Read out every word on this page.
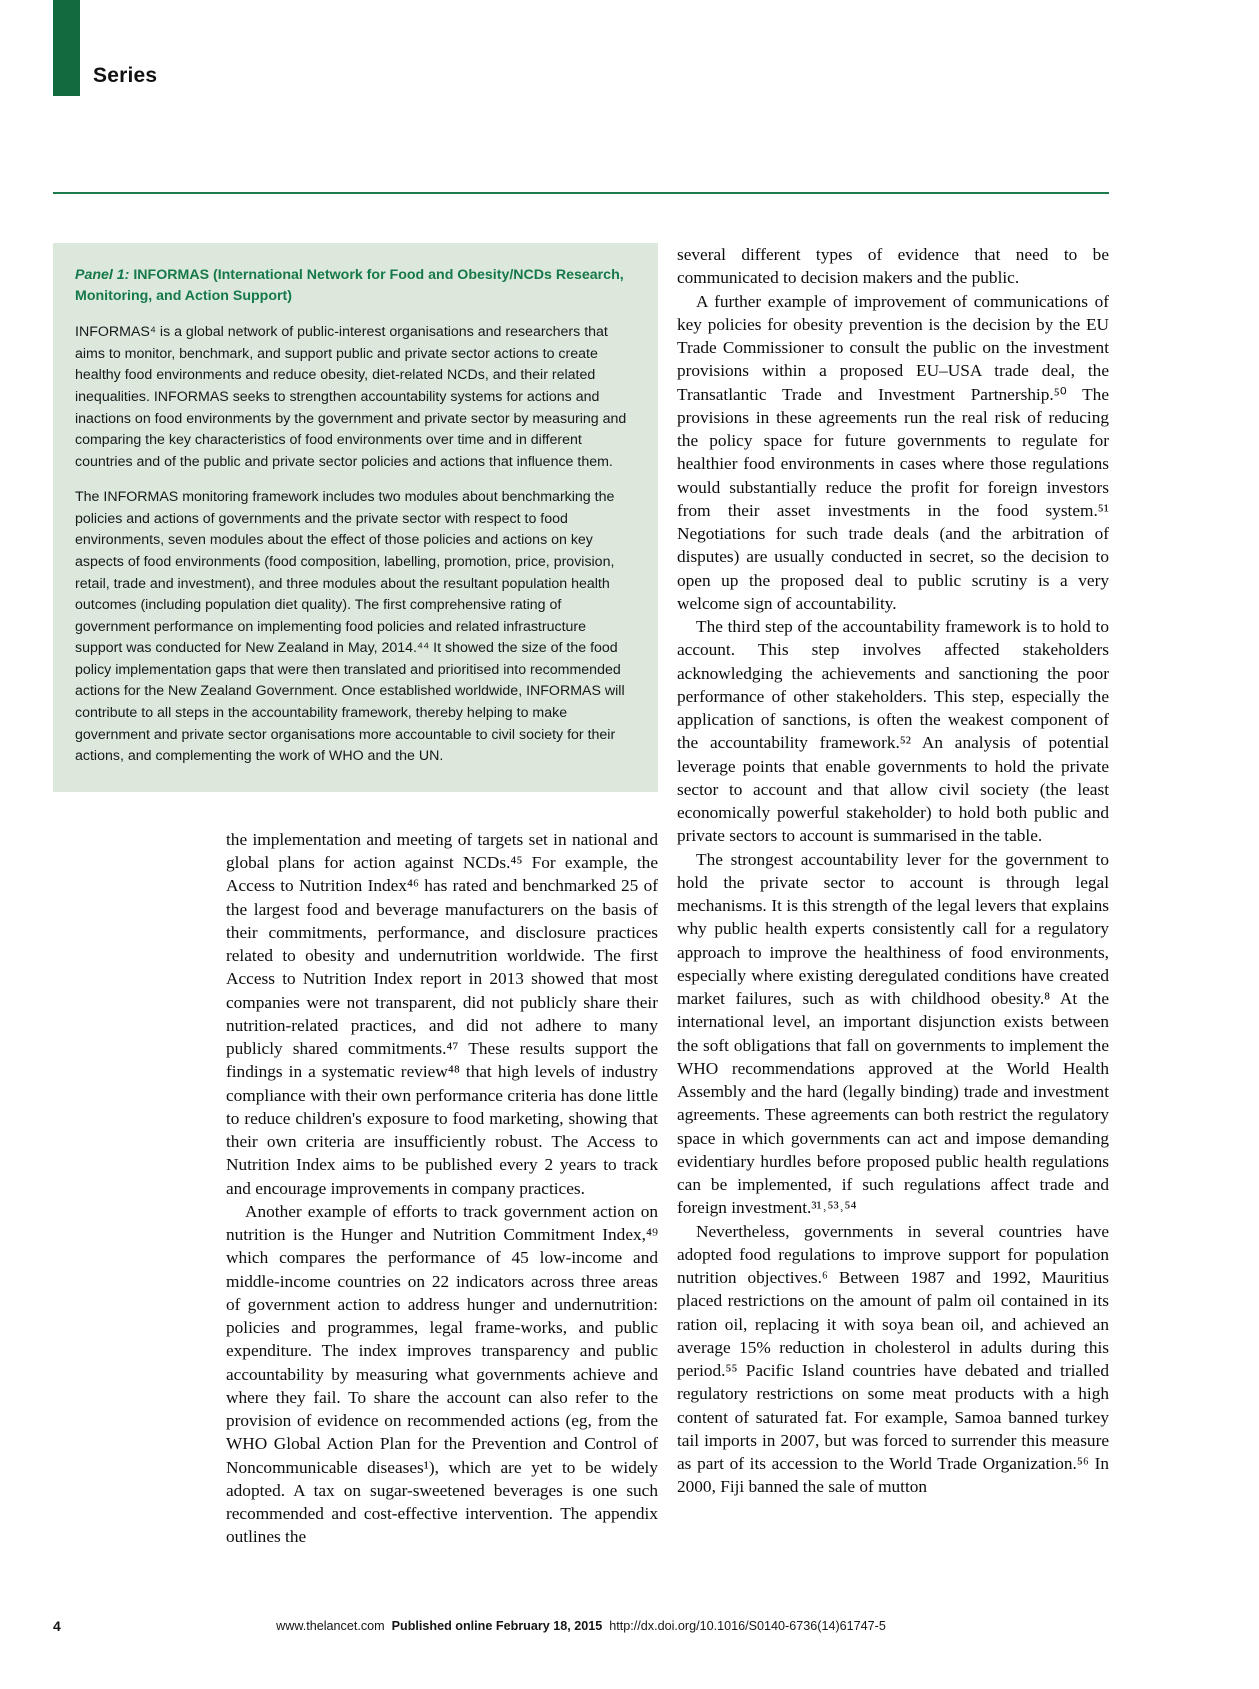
Series
Panel 1: INFORMAS (International Network for Food and Obesity/NCDs Research, Monitoring, and Action Support)

INFORMAS⁴ is a global network of public-interest organisations and researchers that aims to monitor, benchmark, and support public and private sector actions to create healthy food environments and reduce obesity, diet-related NCDs, and their related inequalities. INFORMAS seeks to strengthen accountability systems for actions and inactions on food environments by the government and private sector by measuring and comparing the key characteristics of food environments over time and in different countries and of the public and private sector policies and actions that influence them.

The INFORMAS monitoring framework includes two modules about benchmarking the policies and actions of governments and the private sector with respect to food environments, seven modules about the effect of those policies and actions on key aspects of food environments (food composition, labelling, promotion, price, provision, retail, trade and investment), and three modules about the resultant population health outcomes (including population diet quality). The first comprehensive rating of government performance on implementing food policies and related infrastructure support was conducted for New Zealand in May, 2014.⁴⁴ It showed the size of the food policy implementation gaps that were then translated and prioritised into recommended actions for the New Zealand Government. Once established worldwide, INFORMAS will contribute to all steps in the accountability framework, thereby helping to make government and private sector organisations more accountable to civil society for their actions, and complementing the work of WHO and the UN.

the implementation and meeting of targets set in national and global plans for action against NCDs.⁴⁵ For example, the Access to Nutrition Index⁴⁶ has rated and benchmarked 25 of the largest food and beverage manufacturers on the basis of their commitments, performance, and disclosure practices related to obesity and undernutrition worldwide. The first Access to Nutrition Index report in 2013 showed that most companies were not transparent, did not publicly share their nutrition-related practices, and did not adhere to many publicly shared commitments.⁴⁷ These results support the findings in a systematic review⁴⁸ that high levels of industry compliance with their own performance criteria has done little to reduce children's exposure to food marketing, showing that their own criteria are insufficiently robust. The Access to Nutrition Index aims to be published every 2 years to track and encourage improvements in company practices.

Another example of efforts to track government action on nutrition is the Hunger and Nutrition Commitment Index,⁴⁹ which compares the performance of 45 low-income and middle-income countries on 22 indicators across three areas of government action to address hunger and undernutrition: policies and programmes, legal frame-works, and public expenditure. The index improves transparency and public accountability by measuring what governments achieve and where they fail. To share the account can also refer to the provision of evidence on recommended actions (eg, from the WHO Global Action Plan for the Prevention and Control of Noncommunicable diseases¹), which are yet to be widely adopted. A tax on sugar-sweetened beverages is one such recommended and cost-effective intervention. The appendix outlines the

several different types of evidence that need to be communicated to decision makers and the public.

A further example of improvement of communications of key policies for obesity prevention is the decision by the EU Trade Commissioner to consult the public on the investment provisions within a proposed EU–USA trade deal, the Transatlantic Trade and Investment Partnership.⁵⁰ The provisions in these agreements run the real risk of reducing the policy space for future governments to regulate for healthier food environments in cases where those regulations would substantially reduce the profit for foreign investors from their asset investments in the food system.⁵¹ Negotiations for such trade deals (and the arbitration of disputes) are usually conducted in secret, so the decision to open up the proposed deal to public scrutiny is a very welcome sign of accountability.

The third step of the accountability framework is to hold to account. This step involves affected stakeholders acknowledging the achievements and sanctioning the poor performance of other stakeholders. This step, especially the application of sanctions, is often the weakest component of the accountability framework.⁵² An analysis of potential leverage points that enable governments to hold the private sector to account and that allow civil society (the least economically powerful stakeholder) to hold both public and private sectors to account is summarised in the table.

The strongest accountability lever for the government to hold the private sector to account is through legal mechanisms. It is this strength of the legal levers that explains why public health experts consistently call for a regulatory approach to improve the healthiness of food environments, especially where existing deregulated conditions have created market failures, such as with childhood obesity.⁸ At the international level, an important disjunction exists between the soft obligations that fall on governments to implement the WHO recommendations approved at the World Health Assembly and the hard (legally binding) trade and investment agreements. These agreements can both restrict the regulatory space in which governments can act and impose demanding evidentiary hurdles before proposed public health regulations can be implemented, if such regulations affect trade and foreign investment.³¹˒⁵³˒⁵⁴

Nevertheless, governments in several countries have adopted food regulations to improve support for population nutrition objectives.⁶ Between 1987 and 1992, Mauritius placed restrictions on the amount of palm oil contained in its ration oil, replacing it with soya bean oil, and achieved an average 15% reduction in cholesterol in adults during this period.⁵⁵ Pacific Island countries have debated and trialled regulatory restrictions on some meat products with a high content of saturated fat. For example, Samoa banned turkey tail imports in 2007, but was forced to surrender this measure as part of its accession to the World Trade Organization.⁵⁶ In 2000, Fiji banned the sale of mutton

4	www.thelancet.com Published online February 18, 2015 http://dx.doi.org/10.1016/S0140-6736(14)61747-5
